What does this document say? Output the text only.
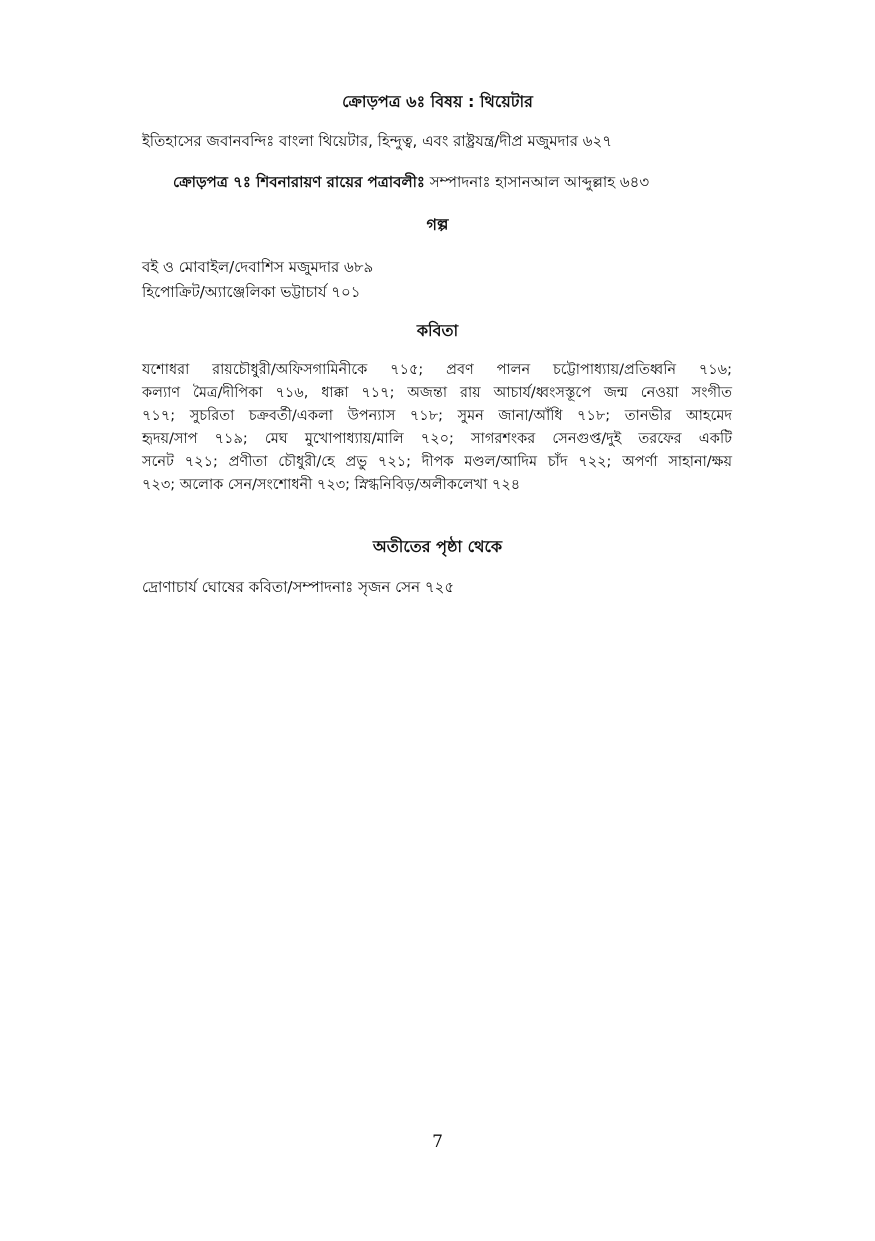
ক্রোড়পত্র ৬ঃ বিষয় : থিয়েটার
ইতিহাসের জবানবন্দিঃ বাংলা থিয়েটার, হিন্দুত্ব, এবং রাষ্ট্রযন্ত্র/দীপ্র মজুমদার ৬২৭
ক্রোড়পত্র ৭ঃ শিবনারায়ণ রায়ের পত্রাবলীঃ সম্পাদনাঃ হাসানআল আব্দুল্লাহ ৬৪৩
গল্প
বই ও মোবাইল/দেবাশিস মজুমদার ৬৮৯
হিপোক্রিট/অ্যাঞ্জেলিকা ভট্টাচার্য ৭০১
কবিতা
যশোধরা রায়চৌধুরী/অফিসগামিনীকে ৭১৫; প্রবণ পালন চট্টোপাধ্যায়/প্রতিধ্বনি ৭১৬;
কল্যাণ মৈত্র/দীপিকা ৭১৬, ধাক্কা ৭১৭; অজন্তা রায় আচার্য/ধ্বংসস্তূপে জন্ম নেওয়া সংগীত
৭১৭; সুচরিতা চক্রবর্তী/একলা উপন্যাস ৭১৮; সুমন জানা/আঁধি ৭১৮; তানভীর আহমেদ
হৃদয়/সাপ ৭১৯; মেঘ মুখোপাধ্যায়/মালি ৭২০; সাগরশংকর সেনগুপ্ত/দুই তরফের একটি
সনেট ৭২১; প্রণীতা চৌধুরী/হে প্রভু ৭২১; দীপক মণ্ডল/আদিম চাঁদ ৭২২; অপর্ণা সাহানা/ক্ষয়
৭২৩; অলোক সেন/সংশোধনী ৭২৩; স্নিগ্ধনিবিড়/অলীকলেখা ৭২৪
অতীতের পৃষ্ঠা থেকে
দ্রোণাচার্য ঘোষের কবিতা/সম্পাদনাঃ সৃজন সেন ৭২৫
7
